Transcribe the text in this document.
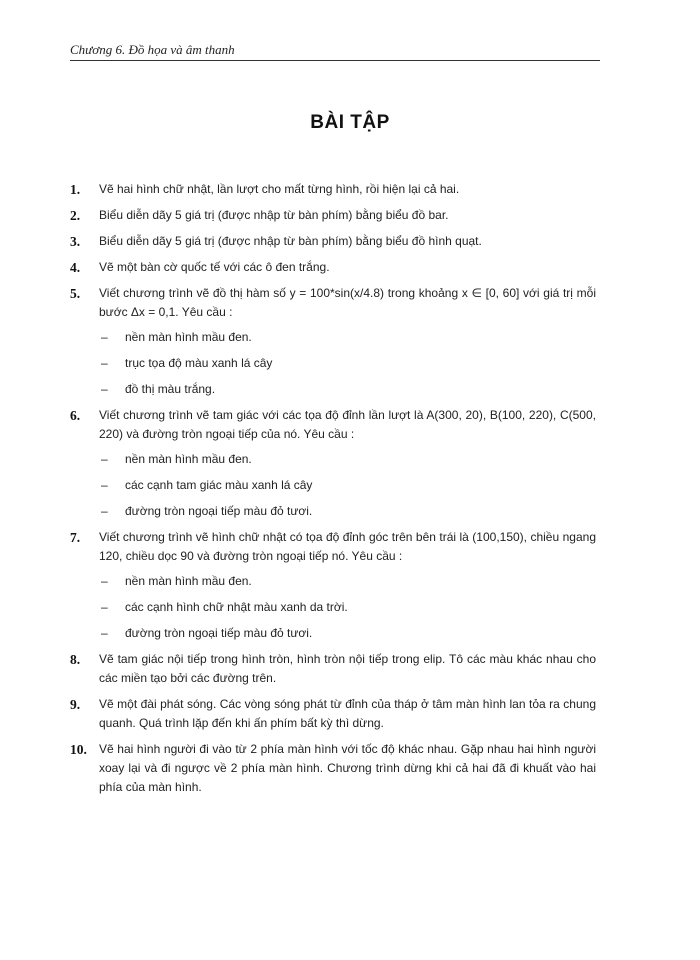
Chương 6. Đồ họa và âm thanh
BÀI TẬP
1. Vẽ hai hình chữ nhật, lần lượt cho mất từng hình, rồi hiện lại cả hai.
2. Biểu diễn dãy 5 giá trị (được nhập từ bàn phím) bằng biểu đồ bar.
3. Biểu diễn dãy 5 giá trị (được nhập từ bàn phím) bằng biểu đồ hình quạt.
4. Vẽ một bàn cờ quốc tế với các ô đen trắng.
5. Viết chương trình vẽ đồ thị hàm số y = 100*sin(x/4.8) trong khoảng x ∈ [0, 60] với giá trị mỗi bước Δx = 0,1. Yêu cầu :
– nền màn hình mầu đen.
– trục tọa độ màu xanh lá cây
– đồ thị màu trắng.
6. Viết chương trình vẽ tam giác với các tọa độ đỉnh lần lượt là A(300, 20), B(100, 220), C(500, 220) và đường tròn ngoại tiếp của nó. Yêu cầu :
– nền màn hình mầu đen.
– các cạnh tam giác màu xanh lá cây
– đường tròn ngoại tiếp màu đỏ tươi.
7. Viết chương trình vẽ hình chữ nhật có tọa độ đỉnh góc trên bên trái là (100,150), chiều ngang 120, chiều dọc 90 và đường tròn ngoại tiếp nó. Yêu cầu :
– nền màn hình mầu đen.
– các cạnh hình chữ nhật màu xanh da trời.
– đường tròn ngoại tiếp màu đỏ tươi.
8. Vẽ tam giác nội tiếp trong hình tròn, hình tròn nội tiếp trong elip. Tô các màu khác nhau cho các miền tạo bởi các đường trên.
9. Vẽ một đài phát sóng. Các vòng sóng phát từ đỉnh của tháp ở tâm màn hình lan tỏa ra chung quanh. Quá trình lặp đến khi ấn phím bất kỳ thì dừng.
10. Vẽ hai hình người đi vào từ 2 phía màn hình với tốc độ khác nhau. Gặp nhau hai hình người xoay lại và đi ngược về 2 phía màn hình. Chương trình dừng khi cả hai đã đi khuất vào hai phía của màn hình.
